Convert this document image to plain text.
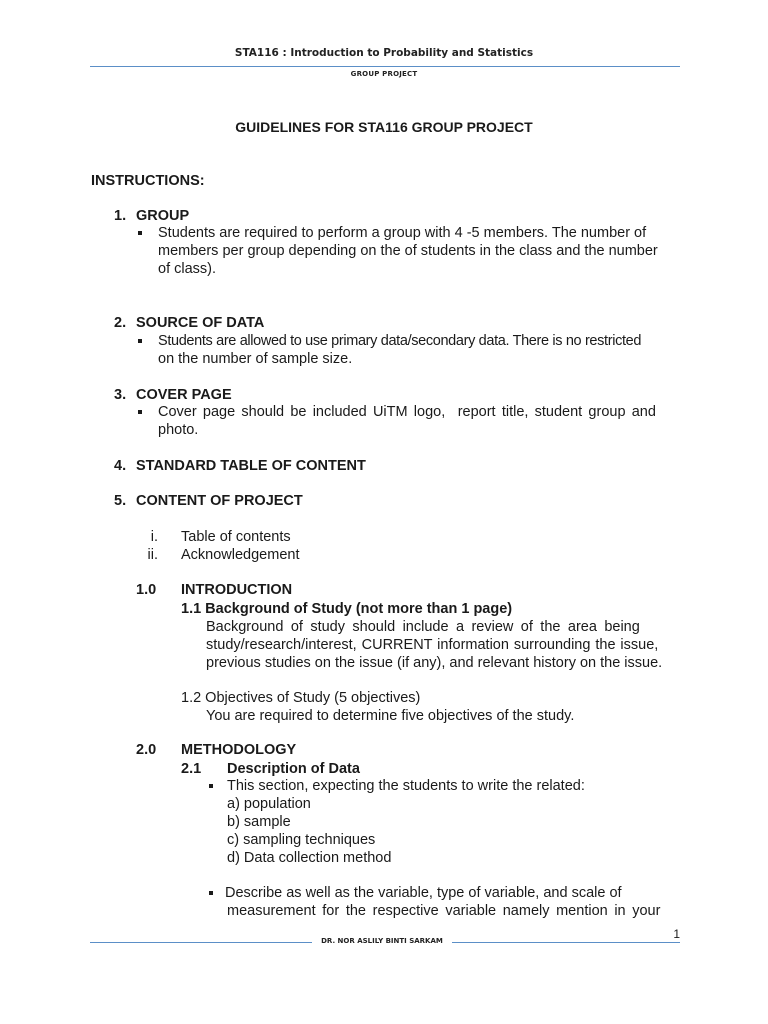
STA116 : Introduction to Probability and Statistics
GROUP PROJECT
GUIDELINES FOR STA116 GROUP PROJECT
INSTRUCTIONS:
1. GROUP
Students are required to perform a group with 4 -5 members. The number of
members per group depending on the of students in the class and the number
of class).
2. SOURCE OF DATA
Students are allowed to use primary data/secondary data. There is no restricted
on the number of sample size.
3. COVER PAGE
Cover page should be included UiTM logo,  report title, student group and
photo.
4. STANDARD TABLE OF CONTENT
5. CONTENT OF PROJECT
i. Table of contents
ii. Acknowledgement
1.0 INTRODUCTION
1.1 Background of Study (not more than 1 page)
Background of study should include a review of the area being
study/research/interest, CURRENT information surrounding the issue,
previous studies on the issue (if any), and relevant history on the issue.
1.2 Objectives of Study (5 objectives)
You are required to determine five objectives of the study.
2.0 METHODOLOGY
2.1 Description of Data
This section, expecting the students to write the related:
a) population
b) sample
c) sampling techniques
d) Data collection method
Describe as well as the variable, type of variable, and scale of
measurement for the respective variable namely mention in your
1
DR. NOR ASLILY BINTI SARKAM
